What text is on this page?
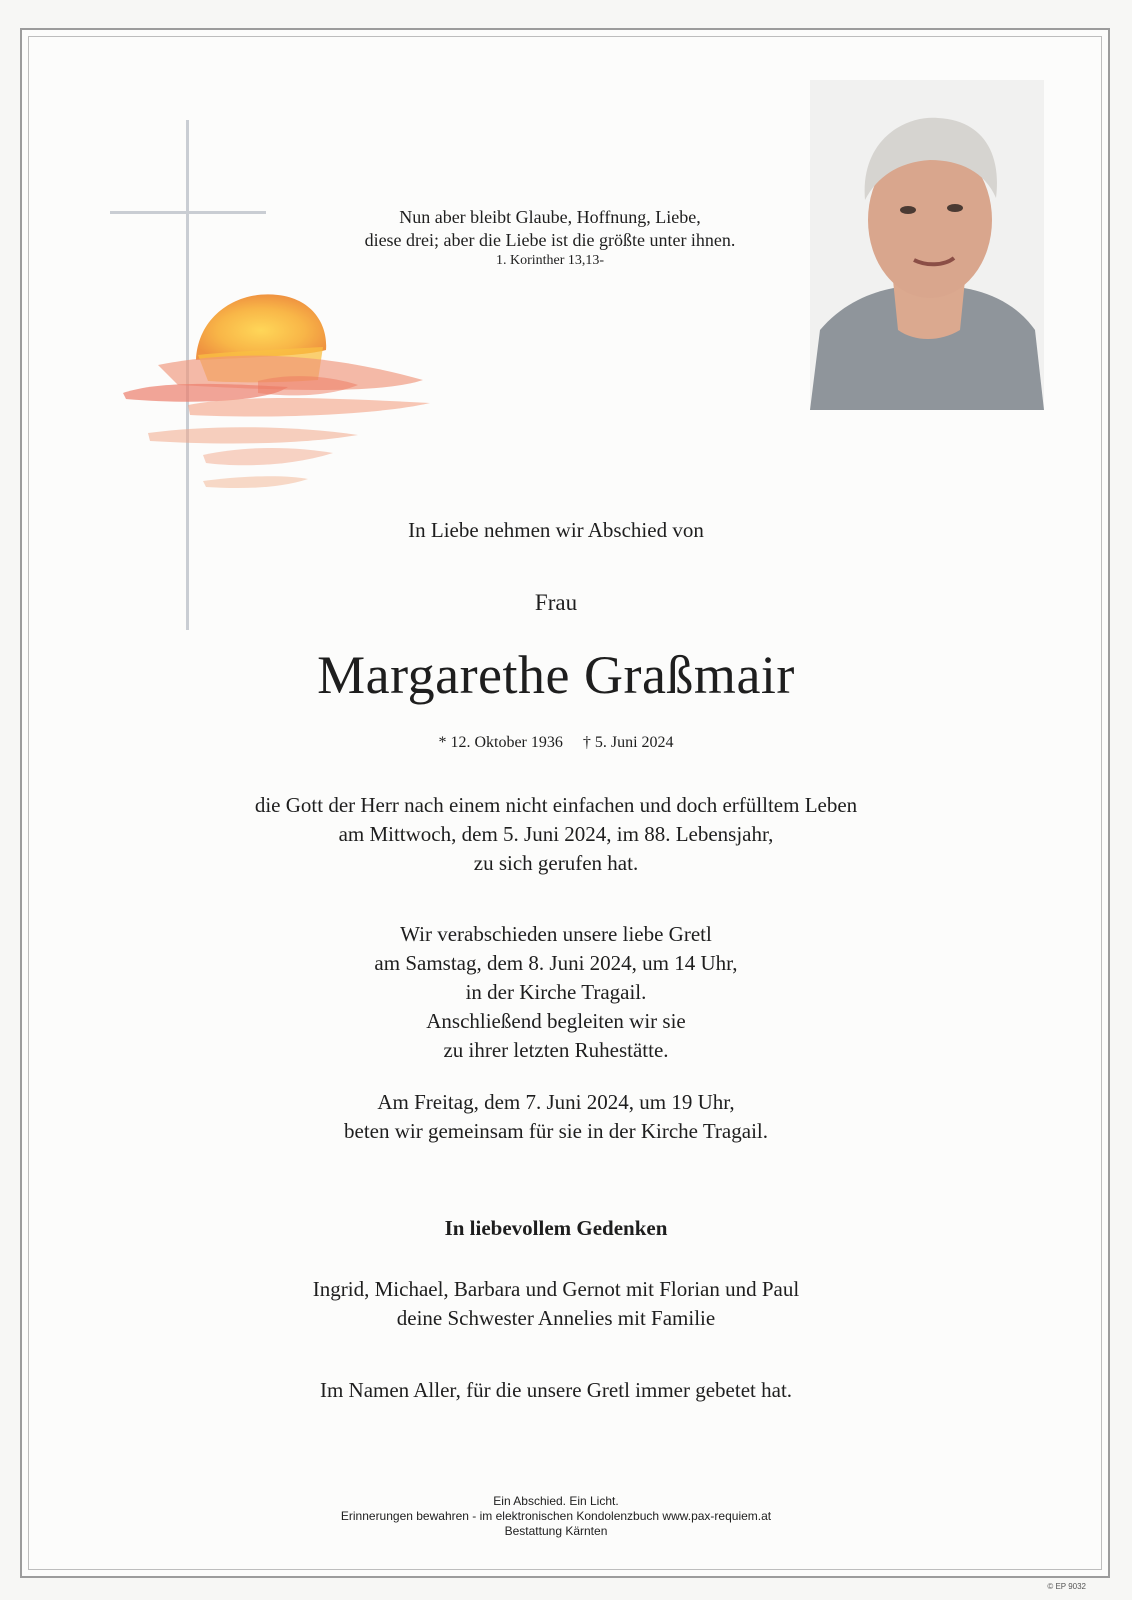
Nun aber bleibt Glaube, Hoffnung, Liebe,
diese drei; aber die Liebe ist die größte unter ihnen.
1. Korinther 13,13-
In Liebe nehmen wir Abschied von
Frau
Margarethe Graßmair
* 12. Oktober 1936 † 5. Juni 2024
die Gott der Herr nach einem nicht einfachen und doch erfülltem Leben
am Mittwoch, dem 5. Juni 2024, im 88. Lebensjahr,
zu sich gerufen hat.
Wir verabschieden unsere liebe Gretl
am Samstag, dem 8. Juni 2024, um 14 Uhr,
in der Kirche Tragail.
Anschließend begleiten wir sie
zu ihrer letzten Ruhestätte.
Am Freitag, dem 7. Juni 2024, um 19 Uhr,
beten wir gemeinsam für sie in der Kirche Tragail.
In liebevollem Gedenken
Ingrid, Michael, Barbara und Gernot mit Florian und Paul
deine Schwester Annelies mit Familie
Im Namen Aller, für die unsere Gretl immer gebetet hat.
Ein Abschied. Ein Licht.
Erinnerungen bewahren - im elektronischen Kondolenzbuch www.pax-requiem.at
Bestattung Kärnten
© EP 9032
